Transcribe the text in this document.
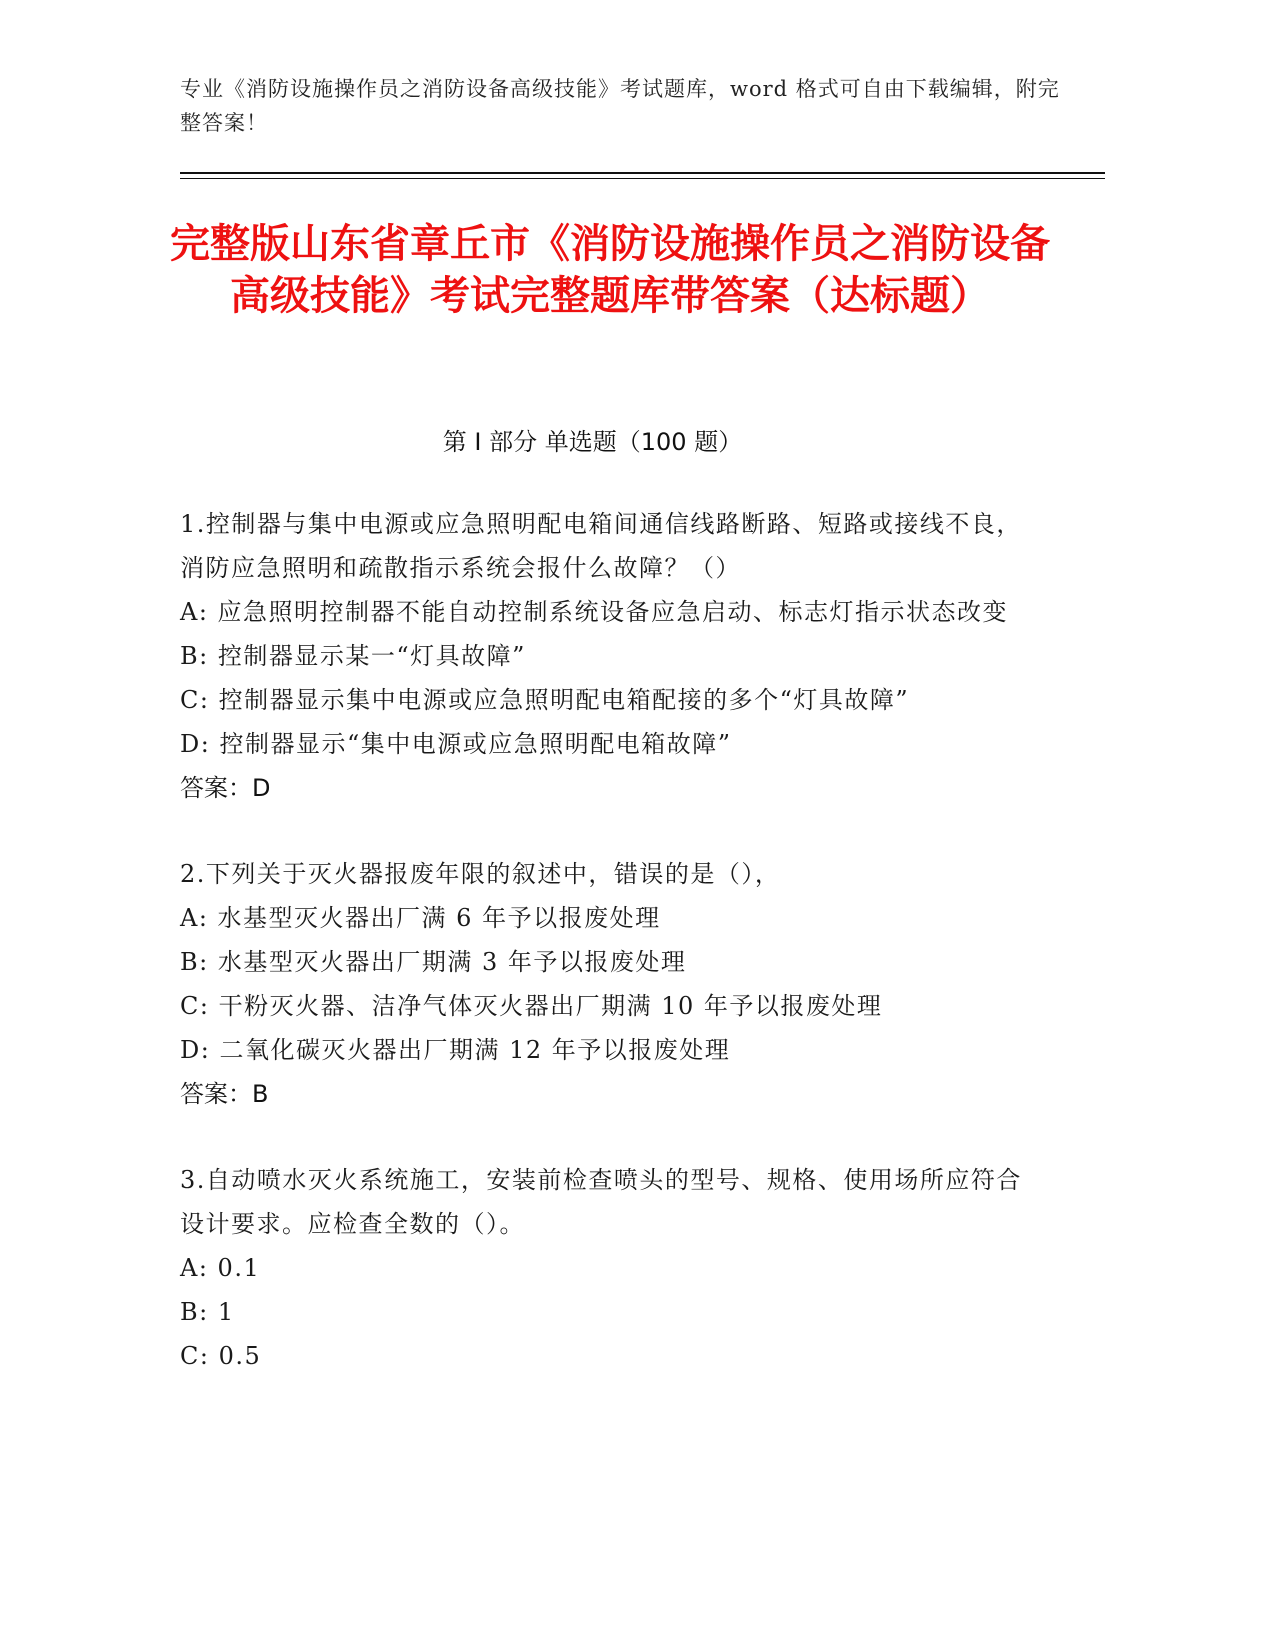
专业《消防设施操作员之消防设备高级技能》考试题库，word 格式可自由下载编辑，附完整答案！
完整版山东省章丘市《消防设施操作员之消防设备高级技能》考试完整题库带答案（达标题）
第 I 部分 单选题（100 题）
1.控制器与集中电源或应急照明配电箱间通信线路断路、短路或接线不良，消防应急照明和疏散指示系统会报什么故障？（）
A: 应急照明控制器不能自动控制系统设备应急启动、标志灯指示状态改变
B: 控制器显示某一“灯具故障”
C: 控制器显示集中电源或应急照明配电箱配接的多个“灯具故障”
D: 控制器显示“集中电源或应急照明配电箱故障”
答案：D
2.下列关于灭火器报废年限的叙述中，错误的是（），
A: 水基型灭火器出厂满 6 年予以报废处理
B: 水基型灭火器出厂期满 3 年予以报废处理
C: 干粉灭火器、洁净气体灭火器出厂期满 10 年予以报废处理
D: 二氧化碳灭火器出厂期满 12 年予以报废处理
答案：B
3.自动喷水灭火系统施工，安装前检查喷头的型号、规格、使用场所应符合设计要求。应检查全数的（）。
A: 0.1
B: 1
C: 0.5
